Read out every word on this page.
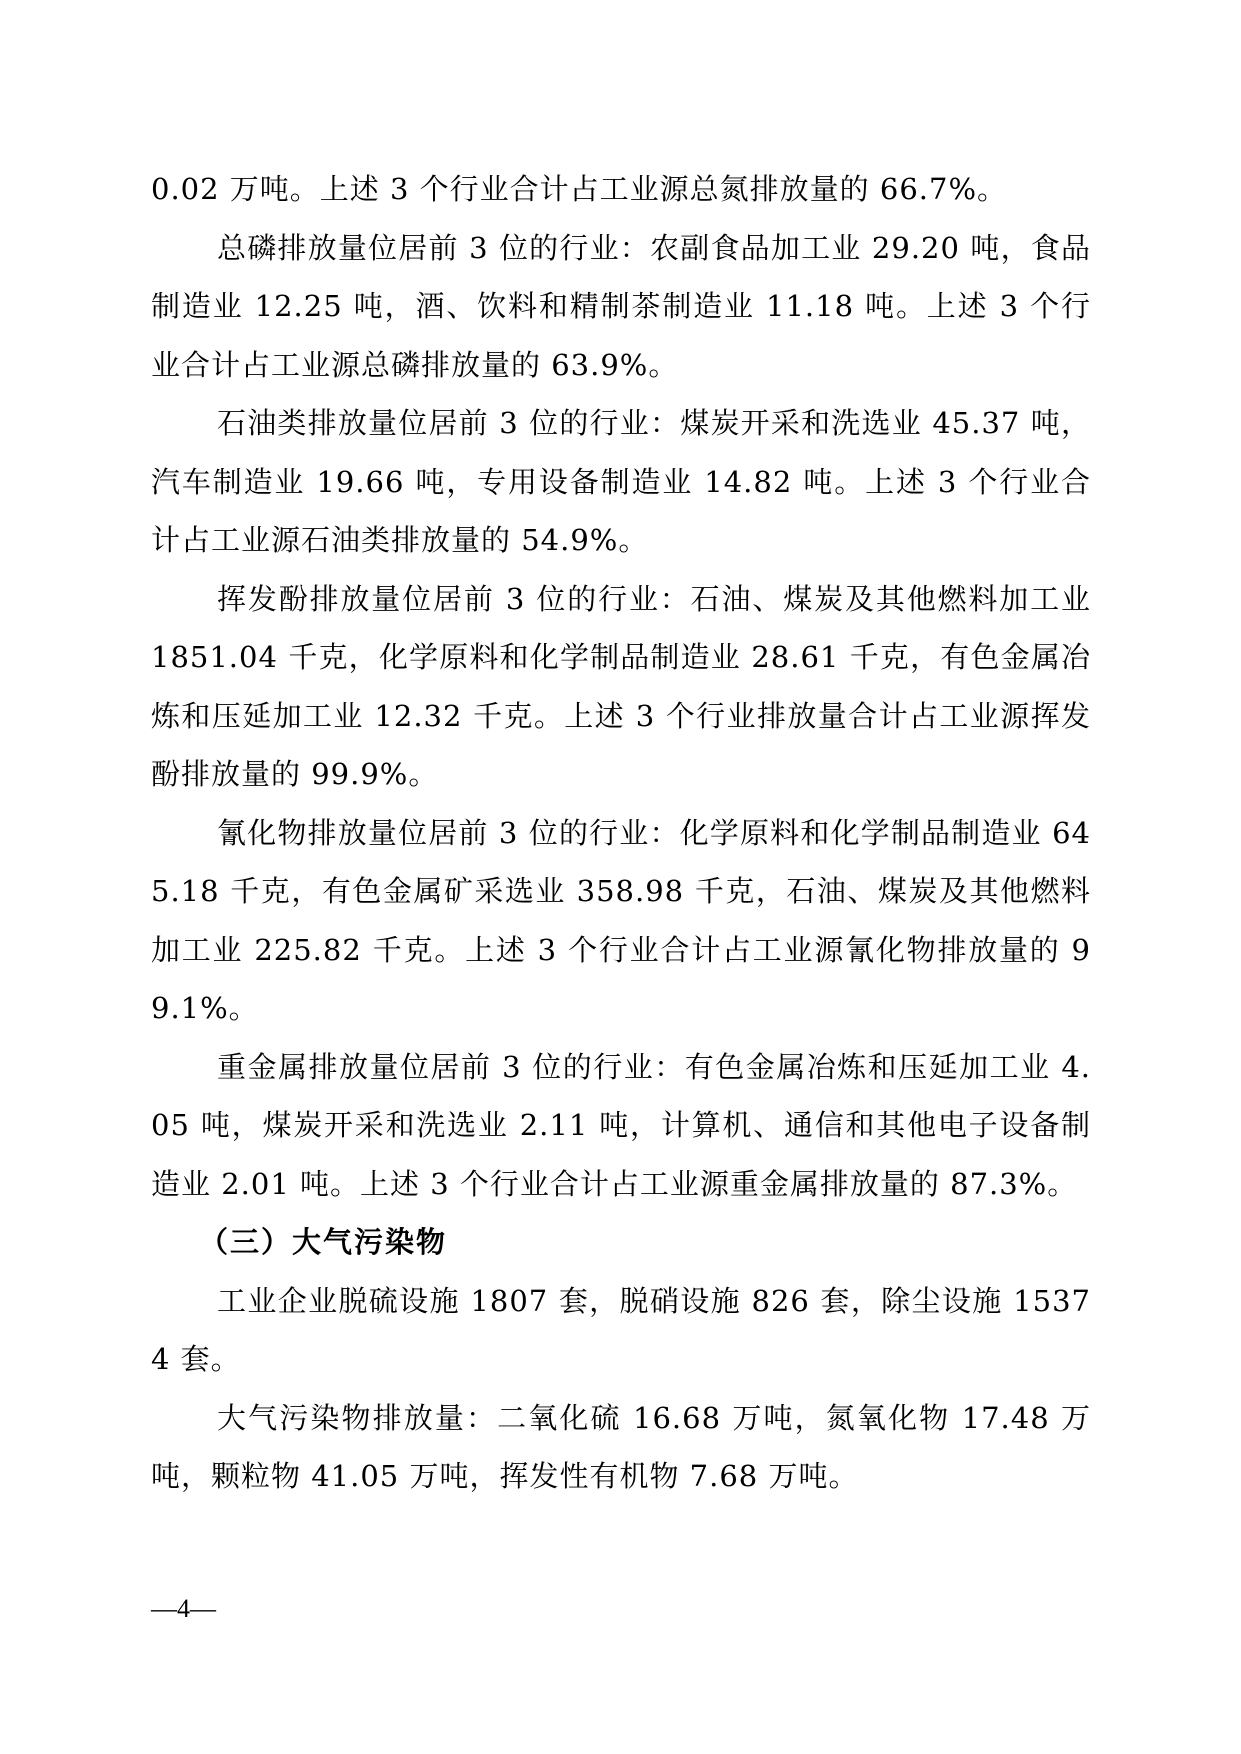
0.02 万吨。上述 3 个行业合计占工业源总氮排放量的 66.7%。

总磷排放量位居前 3 位的行业：农副食品加工业 29.20 吨，食品制造业 12.25 吨，酒、饮料和精制茶制造业 11.18 吨。上述 3 个行业合计占工业源总磷排放量的 63.9%。

石油类排放量位居前 3 位的行业：煤炭开采和洗选业 45.37 吨，汽车制造业 19.66 吨，专用设备制造业 14.82 吨。上述 3 个行业合计占工业源石油类排放量的 54.9%。

挥发酚排放量位居前 3 位的行业：石油、煤炭及其他燃料加工业 1851.04 千克，化学原料和化学制品制造业 28.61 千克，有色金属冶炼和压延加工业 12.32 千克。上述 3 个行业排放量合计占工业源挥发酚排放量的 99.9%。

氰化物排放量位居前 3 位的行业：化学原料和化学制品制造业 645.18 千克，有色金属矿采选业 358.98 千克，石油、煤炭及其他燃料加工业 225.82 千克。上述 3 个行业合计占工业源氰化物排放量的 99.1%。

重金属排放量位居前 3 位的行业：有色金属冶炼和压延加工业 4.05 吨，煤炭开采和洗选业 2.11 吨，计算机、通信和其他电子设备制造业 2.01 吨。上述 3 个行业合计占工业源重金属排放量的 87.3%。

（三）大气污染物

工业企业脱硫设施 1807 套，脱硝设施 826 套，除尘设施 15374 套。

大气污染物排放量：二氧化硫 16.68 万吨，氮氧化物 17.48 万吨，颗粒物 41.05 万吨，挥发性有机物 7.68 万吨。

—4—
